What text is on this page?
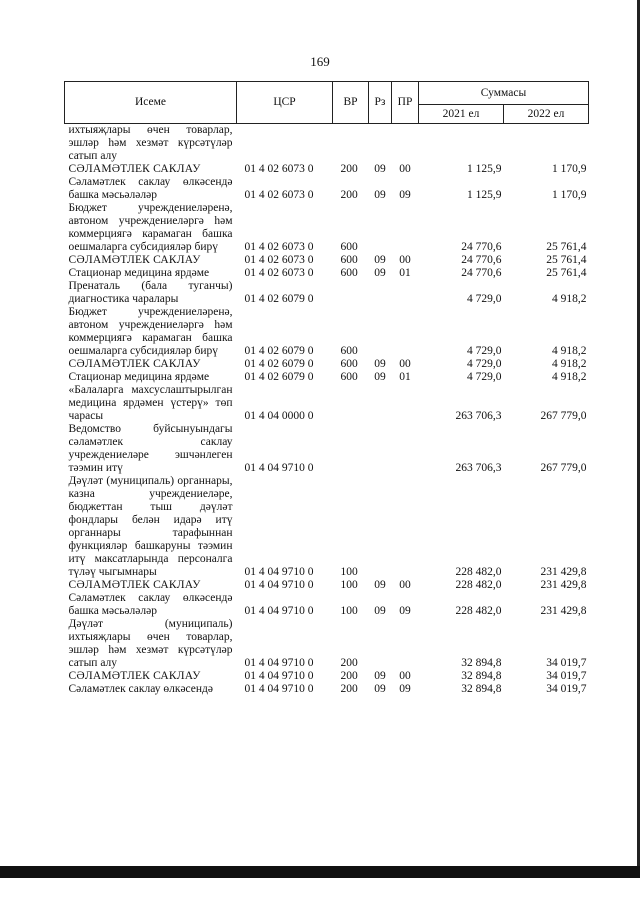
169
Исеме	ЦСР	ВР	Рз	ПР	Суммасы	
					2021 ел	2022 ел
ихтыяҗлары өчен товарлар, эшләр һәм хезмәт күрсәтүләр сатып алу						
СӘЛАМӘТЛЕК САКЛАУ	01 4 02 6073 0	200	09	00	1 125,9	1 170,9
Сәламәтлек саклау өлкәсендә башка мәсьәләләр	01 4 02 6073 0	200	09	09	1 125,9	1 170,9
Бюджет учреждениеләренә, автоном учреждениеләргә һәм коммерциягә карамаган башка оешмаларга субсидияләр бирү	01 4 02 6073 0	600			24 770,6	25 761,4
СӘЛАМӘТЛЕК САКЛАУ	01 4 02 6073 0	600	09	00	24 770,6	25 761,4
Стационар медицина ярдәме	01 4 02 6073 0	600	09	01	24 770,6	25 761,4
Пренаталь (бала туганчы) диагностика чаралары	01 4 02 6079 0				4 729,0	4 918,2
Бюджет учреждениеләренә, автоном учреждениеләргә һәм коммерциягә карамаган башка оешмаларга субсидияләр бирү	01 4 02 6079 0	600			4 729,0	4 918,2
СӘЛАМӘТЛЕК САКЛАУ	01 4 02 6079 0	600	09	00	4 729,0	4 918,2
Стационар медицина ярдәме	01 4 02 6079 0	600	09	01	4 729,0	4 918,2
«Балаларга махсуслаштырылган медицина ярдәмен үстерү» төп чарасы	01 4 04 0000 0				263 706,3	267 779,0
Ведомство буйсынуындагы сәламәтлек саклау учреждениеләре эшчәнлеген тәэмин итү	01 4 04 9710 0				263 706,3	267 779,0
Дәүләт (муниципаль) органнары, казна учреждениеләре, бюджеттан тыш дәүләт фондлары белән идарә итү органнары тарафыннан функцияләр башкаруны тәэмин итү максатларында персоналга түләү чыгымнары	01 4 04 9710 0	100			228 482,0	231 429,8
СӘЛАМӘТЛЕК САКЛАУ	01 4 04 9710 0	100	09	00	228 482,0	231 429,8
Сәламәтлек саклау өлкәсендә башка мәсьәләләр	01 4 04 9710 0	100	09	09	228 482,0	231 429,8
Дәүләт (муниципаль) ихтыяҗлары өчен товарлар, эшләр һәм хезмәт күрсәтүләр сатып алу	01 4 04 9710 0	200			32 894,8	34 019,7
СӘЛАМӘТЛЕК САКЛАУ	01 4 04 9710 0	200	09	00	32 894,8	34 019,7
Сәламәтлек саклау өлкәсендә	01 4 04 9710 0	200	09	09	32 894,8	34 019,7
